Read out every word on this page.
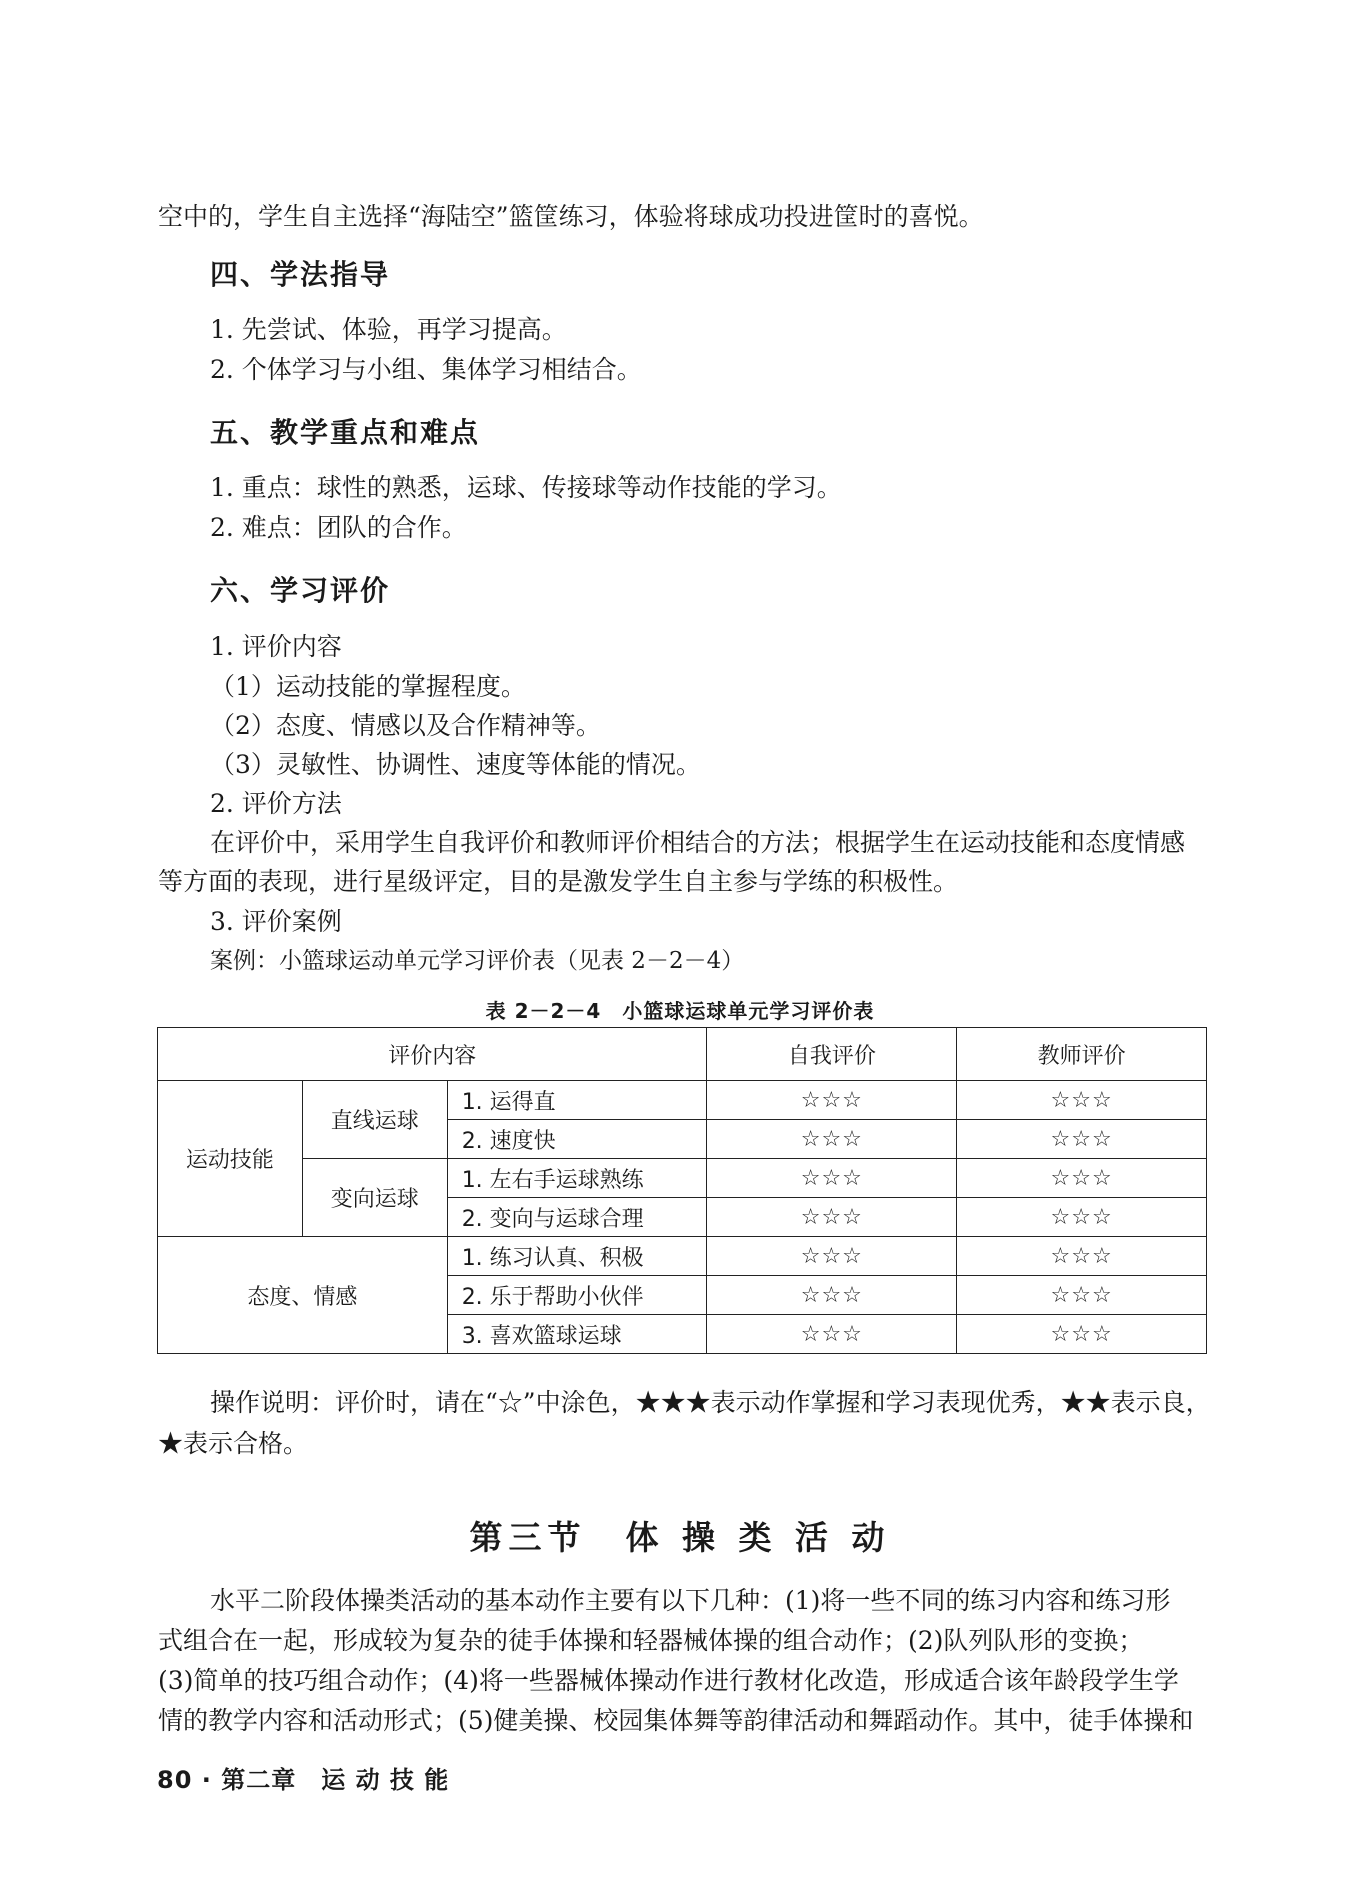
空中的，学生自主选择“海陆空”篮筐练习，体验将球成功投进筐时的喜悦。
四、学法指导
1. 先尝试、体验，再学习提高。
2. 个体学习与小组、集体学习相结合。
五、教学重点和难点
1. 重点：球性的熟悉，运球、传接球等动作技能的学习。
2. 难点：团队的合作。
六、学习评价
1. 评价内容
（1）运动技能的掌握程度。
（2）态度、情感以及合作精神等。
（3）灵敏性、协调性、速度等体能的情况。
2. 评价方法
在评价中，采用学生自我评价和教师评价相结合的方法；根据学生在运动技能和态度情感
等方面的表现，进行星级评定，目的是激发学生自主参与学练的积极性。
3. 评价案例
案例：小篮球运动单元学习评价表（见表 2－2－4）
表 2－2－4　小篮球运球单元学习评价表
评价内容			自我评价	教师评价
运动技能	直线运球	1. 运得直	☆☆☆	☆☆☆
		2. 速度快	☆☆☆	☆☆☆
	变向运球	1. 左右手运球熟练	☆☆☆	☆☆☆
		2. 变向与运球合理	☆☆☆	☆☆☆
态度、情感		1. 练习认真、积极	☆☆☆	☆☆☆
		2. 乐于帮助小伙伴	☆☆☆	☆☆☆
		3. 喜欢篮球运球	☆☆☆	☆☆☆
操作说明：评价时，请在“☆”中涂色，★★★表示动作掌握和学习表现优秀，★★表示良，
★表示合格。
第三节　体 操 类 活 动
水平二阶段体操类活动的基本动作主要有以下几种：(1)将一些不同的练习内容和练习形
式组合在一起，形成较为复杂的徒手体操和轻器械体操的组合动作；(2)队列队形的变换；
(3)简单的技巧组合动作；(4)将一些器械体操动作进行教材化改造，形成适合该年龄段学生学
情的教学内容和活动形式；(5)健美操、校园集体舞等韵律活动和舞蹈动作。其中，徒手体操和
80 · 第二章　运 动 技 能
